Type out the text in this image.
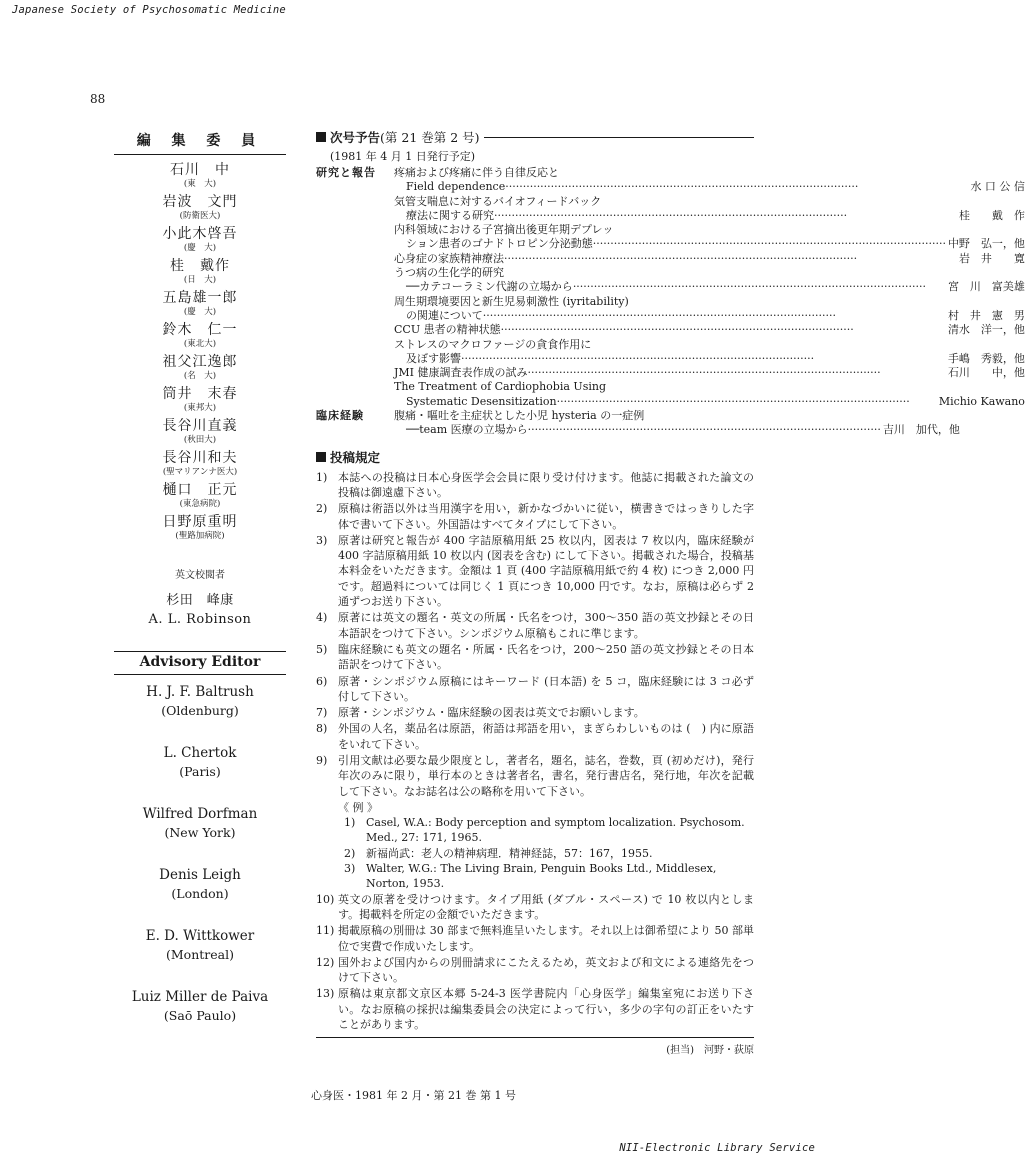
Japanese Society of Psychosomatic Medicine
88
編 集 委 員
石川　中
(東　大)
岩波　文門
(防衛医大)
小此木啓吾
(慶　大)
桂　戴作
(日　大)
五島雄一郎
(慶　大)
鈴木　仁一
(東北大)
祖父江逸郎
(名　大)
筒井　末春
(東邦大)
長谷川直義
(秋田大)
長谷川和夫
(聖マリアンナ医大)
樋口　正元
(東急病院)
日野原重明
(聖路加病院)
英文校閲者
杉田　峰康
A. L. Robinson
Advisory Editor
H. J. F. Baltrush
(Oldenburg)
L. Chertok
(Paris)
Wilfred Dorfman
(New York)
Denis Leigh
(London)
E. D. Wittkower
(Montreal)
Luiz Miller de Paiva
(Saō Paulo)
次号予告 (第 21 巻第 2 号)
(1981 年 4 月 1 日発行予定)
研究と報告	疼痛および疼痛に伴う自律反応と
Field dependence ·····	水 口 公 信
気管支喘息に対するバイオフィードバック
療法に関する研究 ·····	桂　　戴　作
内科領域における子宮摘出後更年期デプレッ
ション患者のゴナドトロピン分泌動態 ·····	中野　弘一，他
心身症の家族精神療法 ·····	岩　井　　寛
うつ病の生化学的研究
──カテコーラミン代謝の立場から ·····	宮　川　富美雄
周生期環境要因と新生児易刺激性 (iyritability)
の関連について ·····	村　井　憲　男
CCU 患者の精神状態 ·····	清水　洋一，他
ストレスのマクロファージの貪食作用に
及ぼす影響 ·····	手嶋　秀毅，他
JMI 健康調査表作成の試み ·····	石川　　中，他
The Treatment of Cardiophobia Using
Systematic Desensitization ·····	Michio Kawano
臨床経験	腹痛・嘔吐を主症状とした小児 hysteria の一症例
──team 医療の立場から ·····	吉川　加代，他
投稿規定
1) 本誌への投稿は日本心身医学会会員に限り受け付けます。他誌に掲載された論文の投稿は御遠慮下さい。
2) 原稿は術語以外は当用漢字を用い，新かなづかいに従い，横書きではっきりした字体で書いて下さい。外国語はすべてタイプにして下さい。
3) 原著は研究と報告が 400 字詰原稿用紙 25 枚以内，図表は 7 枚以内，臨床経験が 400 字詰原稿用紙 10 枚以内 (図表を含む) にして下さい。掲載された場合，投稿基本料金をいただきます。金額は 1 頁 (400 字詰原稿用紙で約 4 枚) につき 2,000 円です。超過料については同じく 1 頁につき 10,000 円です。なお，原稿は必らず 2 通ずつお送り下さい。
4) 原著には英文の題名・英文の所属・氏名をつけ，300〜350 語の英文抄録とその日本語訳をつけて下さい。シンポジウム原稿もこれに準じます。
5) 臨床経験にも英文の題名・所属・氏名をつけ，200〜250 語の英文抄録とその日本語訳をつけて下さい。
6) 原著・シンポジウム原稿にはキーワード (日本語) を 5 コ，臨床経験には 3 コ必ず付して下さい。
7) 原著・シンポジウム・臨床経験の図表は英文でお願いします。
8) 外国の人名，薬品名は原語，術語は邦語を用い，まぎらわしいものは (　) 内に原語をいれて下さい。
9) 引用文献は必要な最少限度とし，著者名，題名，誌名，巻数，頁 (初めだけ)，発行年次のみに限り，単行本のときは著者名，書名，発行書店名，発行地，年次を記載して下さい。なお誌名は公の略称を用いて下さい。
《 例 》
1) Casel, W.A.: Body perception and symptom localization. Psychosom. Med., 27: 171, 1965.
2) 新福尚武：老人の精神病理．精神経誌，57：167，1955.
3) Walter, W.G.: The Living Brain, Penguin Books Ltd., Middlesex, Norton, 1953.
10) 英文の原著を受けつけます。タイプ用紙 (ダブル・スペース) で 10 枚以内とします。掲載料を所定の金額でいただきます。
11) 掲載原稿の別冊は 30 部まで無料進呈いたします。それ以上は御希望により 50 部単位で実費で作成いたします。
12) 国外および国内からの別冊請求にこたえるため，英文および和文による連絡先をつけて下さい。
13) 原稿は東京都文京区本郷 5-24-3 医学書院内「心身医学」編集室宛にお送り下さい。なお原稿の採択は編集委員会の決定によって行い，多少の字句の訂正をいたすことがあります。
(担当)　河野・荻原
心身医・1981 年 2 月・第 21 巻 第 1 号
NII-Electronic Library Service
